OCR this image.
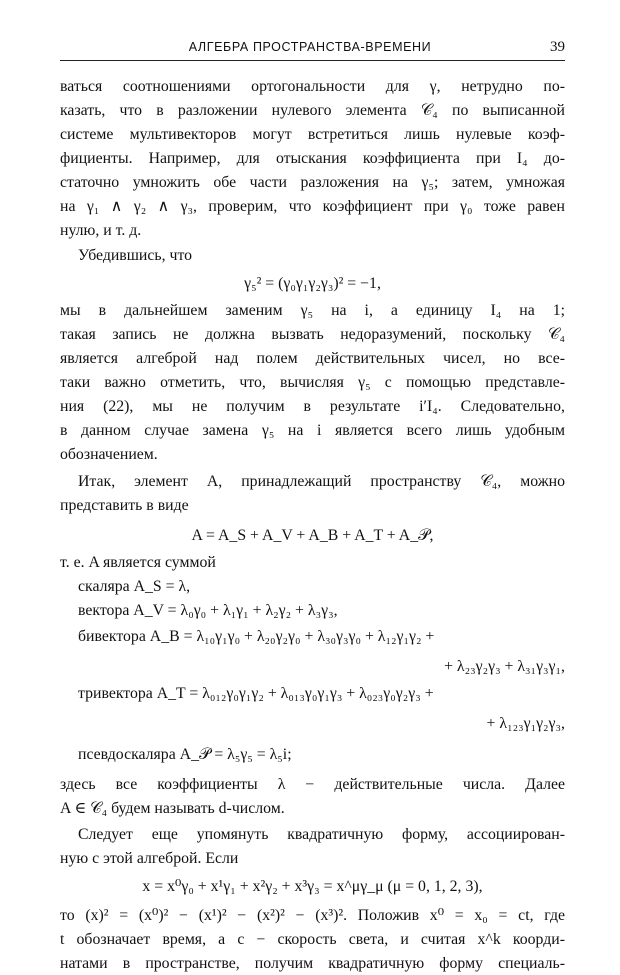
АЛГЕБРА ПРОСТРАНСТВА-ВРЕМЕНИ	39
ваться соотношениями ортогональности для γ, нетрудно по-
казать, что в разложении нулевого элемента 𝒞₄ по выписанной
системе мультивекторов могут встретиться лишь нулевые коэф-
фициенты. Например, для отыскания коэффициента при I₄ до-
статочно умножить обе части разложения на γ₅; затем, умножая
на γ₁ ∧ γ₂ ∧ γ₃, проверим, что коэффициент при γ₀ тоже равен
нулю, и т. д.
Убедившись, что
γ₅² = (γ₀γ₁γ₂γ₃)² = −1,
мы в дальнейшем заменим γ₅ на i, а единицу I₄ на 1;
такая запись не должна вызвать недоразумений, поскольку 𝒞₄
является алгеброй над полем действительных чисел, но все-
таки важно отметить, что, вычисляя γ₅ с помощью представле-
ния (22), мы не получим в результате i′I₄. Следовательно,
в данном случае замена γ₅ на i является всего лишь удобным
обозначением.
Итак, элемент A, принадлежащий пространству 𝒞₄, можно
представить в виде
A = A_S + A_V + A_B + A_T + A_𝒫,
т. е. A является суммой
скаляра A_S = λ,
вектора A_V = λ₀γ₀ + λ₁γ₁ + λ₂γ₂ + λ₃γ₃,
бивектора A_B = λ₁₀γ₁γ₀ + λ₂₀γ₂γ₀ + λ₃₀γ₃γ₀ + λ₁₂γ₁γ₂ +
+ λ₂₃γ₂γ₃ + λ₃₁γ₃γ₁,
тривектора A_T = λ₀₁₂γ₀γ₁γ₂ + λ₀₁₃γ₀γ₁γ₃ + λ₀₂₃γ₀γ₂γ₃ +
+ λ₁₂₃γ₁γ₂γ₃,
псевдоскаляра A_𝒫 = λ₅γ₅ = λ₅i;
здесь все коэффициенты λ − действительные числа. Далее
A ∈ 𝒞₄ будем называть d-числом.
Следует еще упомянуть квадратичную форму, ассоциирован-
ную с этой алгеброй. Если
x = x⁰γ₀ + x¹γ₁ + x²γ₂ + x³γ₃ = x^μγ_μ (μ = 0, 1, 2, 3),
то (x)² = (x⁰)² − (x¹)² − (x²)² − (x³)². Положив x⁰ = x₀ = ct, где
t обозначает время, а c − скорость света, и считая x^k коорди-
натами в пространстве, получим квадратичную форму специаль-
